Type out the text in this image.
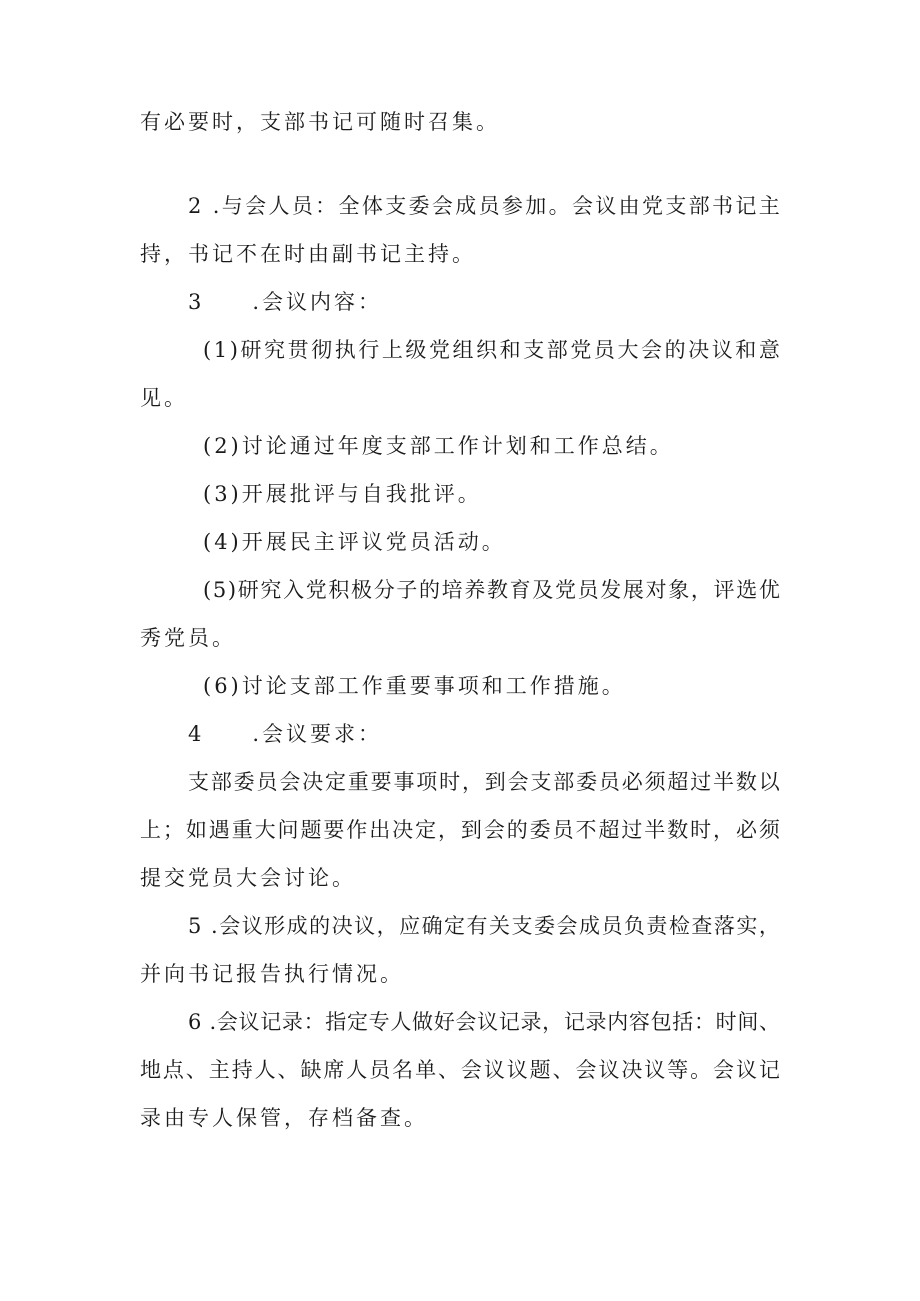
有必要时，支部书记可随时召集。
2
. 与 会 人 员 ： 全 体 支 委 会 成 员 参 加 。 会 议 由 党 支 部 书 记 主
持，书记不在时由副书记主持。
3　　.会议内容：
( 1 ) 研 究 贯 彻 执 行 上 级 党 组 织 和 支 部 党 员 大 会 的 决 议 和 意
见。
(2)讨论通过年度支部工作计划和工作总结。
(3)开展批评与自我批评。
(4)开展民主评议党员活动。
( 5 ) 研 究 入 党 积 极 分 子 的 培 养 教 育 及 党 员 发 展 对 象 ， 评 选 优
秀党员。
(6)讨论支部工作重要事项和工作措施。
4　　.会议要求：
支 部 委 员 会 决 定 重 要 事 项 时 ， 到 会 支 部 委 员 必 须 超 过 半 数 以
上 ； 如 遇 重 大 问 题 要 作 出 决 定 ， 到 会 的 委 员 不 超 过 半 数 时 ， 必 须
提交党员大会讨论。
5
. 会 议 形 成 的 决 议 ， 应 确 定 有 关 支 委 会 成 员 负 责 检 查 落 实 ，
并向书记报告执行情况。
6
. 会 议 记 录 ： 指 定 专 人 做 好 会 议 记 录 ， 记 录 内 容 包 括 ： 时 间 、
地 点 、 主 持 人 、 缺 席 人 员 名 单 、 会 议 议 题 、 会 议 决 议 等 。 会 议 记
录由专人保管，存档备查。
